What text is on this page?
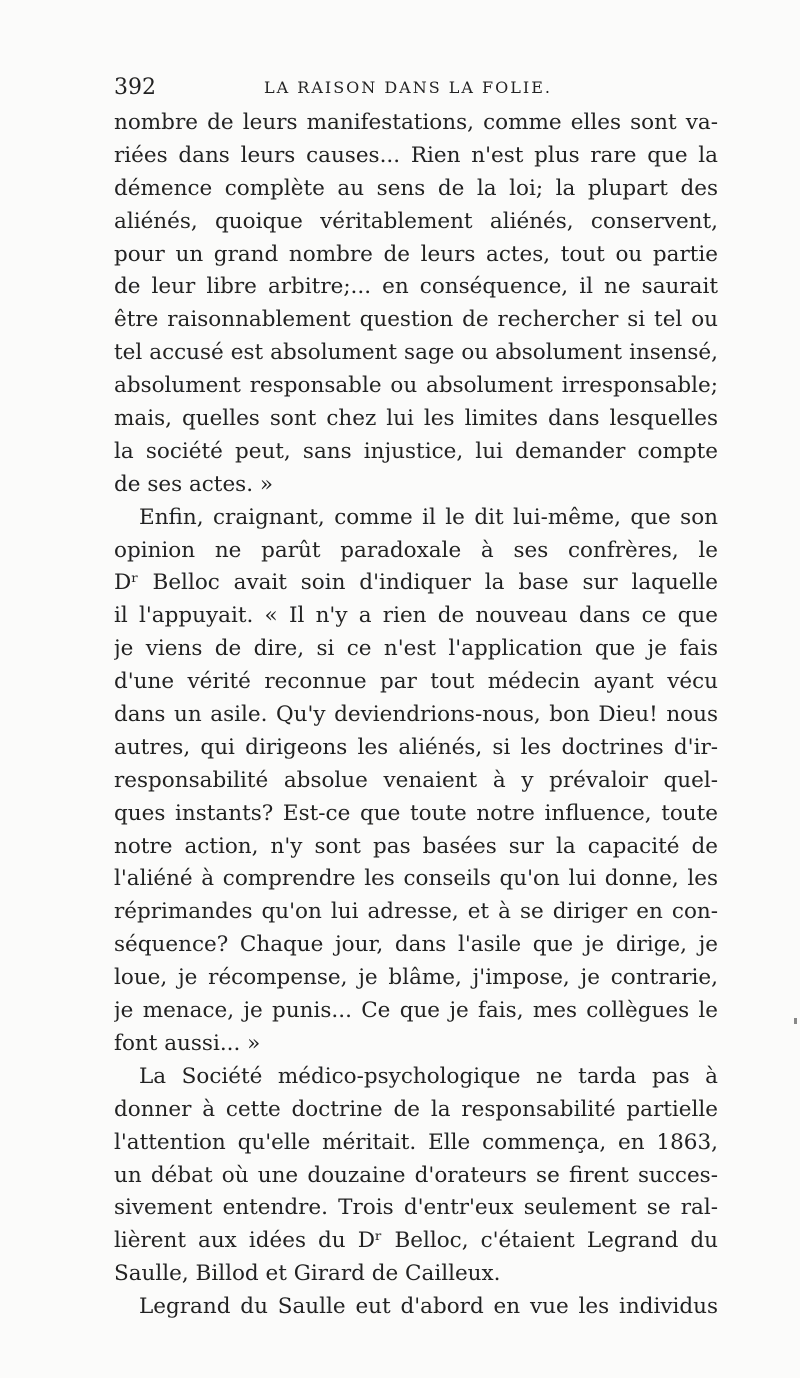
392	LA RAISON DANS LA FOLIE.
nombre de leurs manifestations, comme elles sont va-
riées dans leurs causes... Rien n'est plus rare que la
démence complète au sens de la loi; la plupart des
aliénés, quoique véritablement aliénés, conservent,
pour un grand nombre de leurs actes, tout ou partie
de leur libre arbitre;... en conséquence, il ne saurait
être raisonnablement question de rechercher si tel ou
tel accusé est absolument sage ou absolument insensé,
absolument responsable ou absolument irresponsable;
mais, quelles sont chez lui les limites dans lesquelles
la société peut, sans injustice, lui demander compte
de ses actes. »
Enfin, craignant, comme il le dit lui-même, que son
opinion ne parût paradoxale à ses confrères, le
Dʳ Belloc avait soin d'indiquer la base sur laquelle
il l'appuyait. « Il n'y a rien de nouveau dans ce que
je viens de dire, si ce n'est l'application que je fais
d'une vérité reconnue par tout médecin ayant vécu
dans un asile. Qu'y deviendrions-nous, bon Dieu! nous
autres, qui dirigeons les aliénés, si les doctrines d'ir-
responsabilité absolue venaient à y prévaloir quel-
ques instants? Est-ce que toute notre influence, toute
notre action, n'y sont pas basées sur la capacité de
l'aliéné à comprendre les conseils qu'on lui donne, les
réprimandes qu'on lui adresse, et à se diriger en con-
séquence? Chaque jour, dans l'asile que je dirige, je
loue, je récompense, je blâme, j'impose, je contrarie,
je menace, je punis... Ce que je fais, mes collègues le
font aussi... »
La Société médico-psychologique ne tarda pas à
donner à cette doctrine de la responsabilité partielle
l'attention qu'elle méritait. Elle commença, en 1863,
un débat où une douzaine d'orateurs se firent succes-
sivement entendre. Trois d'entr'eux seulement se ral-
lièrent aux idées du Dʳ Belloc, c'étaient Legrand du
Saulle, Billod et Girard de Cailleux.
Legrand du Saulle eut d'abord en vue les individus
